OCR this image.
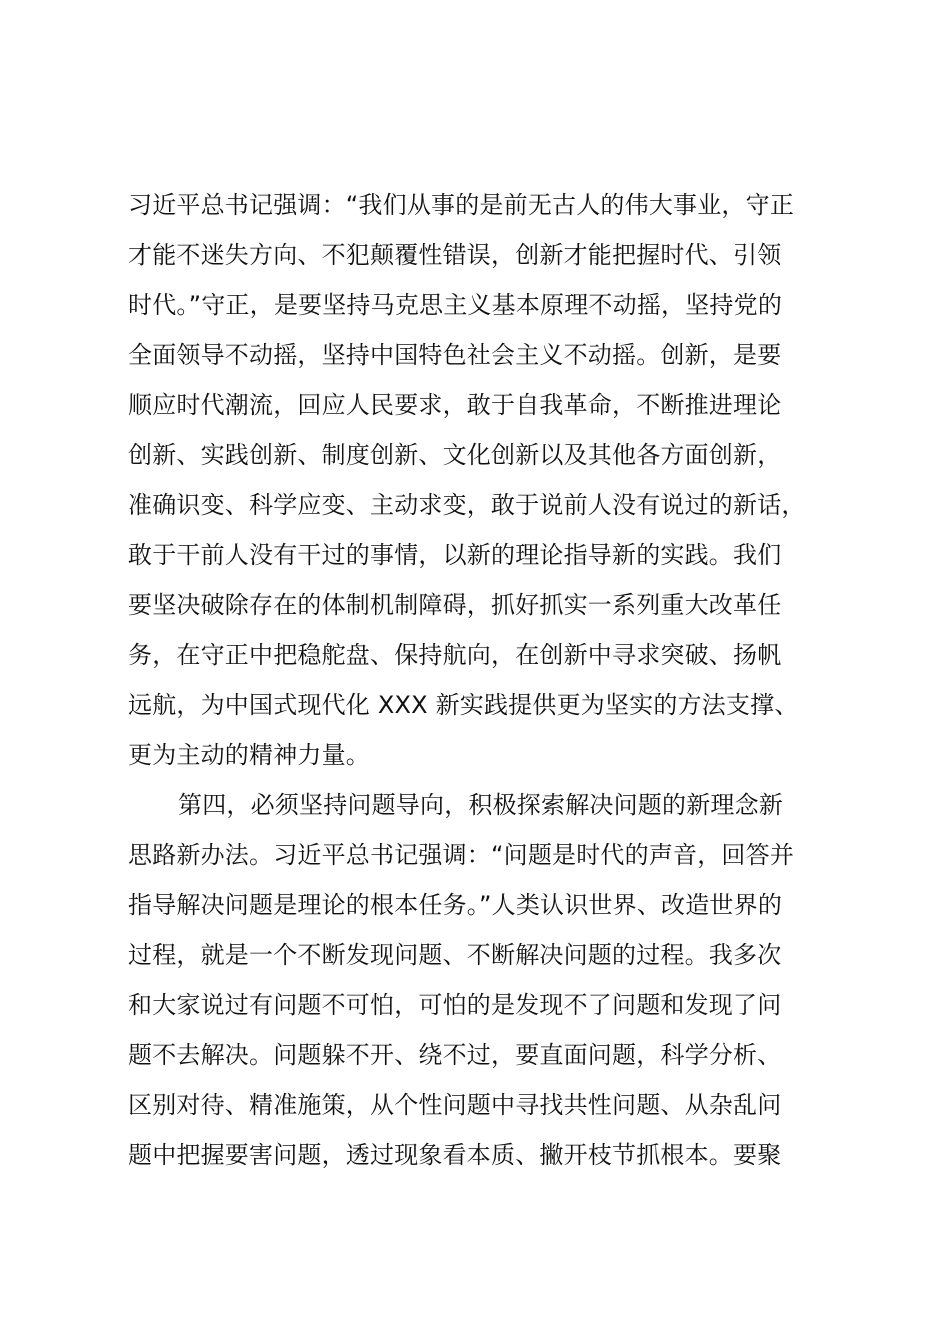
习近平总书记强调：“我们从事的是前无古人的伟大事业，守正
才能不迷失方向、不犯颠覆性错误，创新才能把握时代、引领
时代。”守正，是要坚持马克思主义基本原理不动摇，坚持党的
全面领导不动摇，坚持中国特色社会主义不动摇。创新，是要
顺应时代潮流，回应人民要求，敢于自我革命，不断推进理论
创新、实践创新、制度创新、文化创新以及其他各方面创新，
准确识变、科学应变、主动求变，敢于说前人没有说过的新话，
敢于干前人没有干过的事情，以新的理论指导新的实践。我们
要坚决破除存在的体制机制障碍，抓好抓实一系列重大改革任
务，在守正中把稳舵盘、保持航向，在创新中寻求突破、扬帆
远航，为中国式现代化 XXX 新实践提供更为坚实的方法支撑、
更为主动的精神力量。
第四，必须坚持问题导向，积极探索解决问题的新理念新
思路新办法。习近平总书记强调：“问题是时代的声音，回答并
指导解决问题是理论的根本任务。”人类认识世界、改造世界的
过程，就是一个不断发现问题、不断解决问题的过程。我多次
和大家说过有问题不可怕，可怕的是发现不了问题和发现了问
题不去解决。问题躲不开、绕不过，要直面问题，科学分析、
区别对待、精准施策，从个性问题中寻找共性问题、从杂乱问
题中把握要害问题，透过现象看本质、撇开枝节抓根本。要聚
